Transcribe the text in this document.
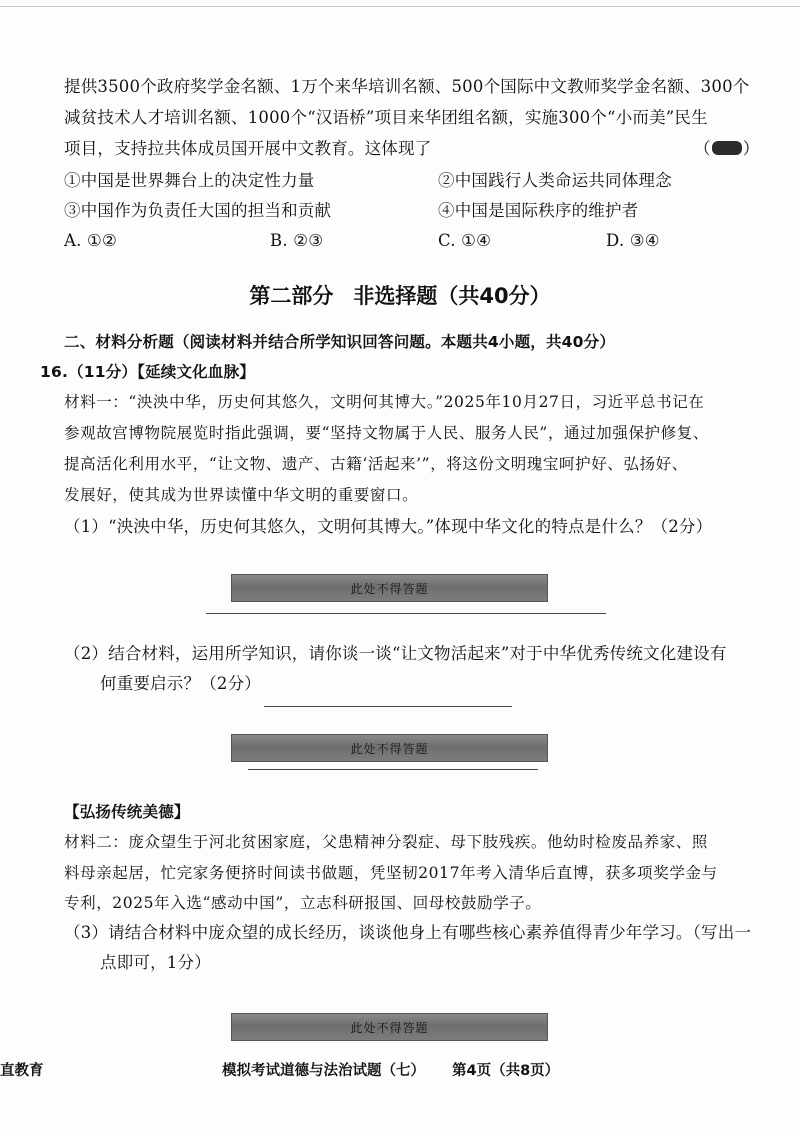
提供3500个政府奖学金名额、1万个来华培训名额、500个国际中文教师奖学金名额、300个
减贫技术人才培训名额、1000个“汉语桥”项目来华团组名额，实施300个“小而美”民生
项目，支持拉共体成员国开展中文教育。这体现了	（ ）
①中国是世界舞台上的决定性力量	②中国践行人类命运共同体理念
③中国作为负责任大国的担当和贡献	④中国是国际秩序的维护者
A. ①②	B. ②③	C. ①④	D. ③④
第二部分 非选择题（共40分）
二、材料分析题（阅读材料并结合所学知识回答问题。本题共4小题，共40分）
16.（11分）【延续文化血脉】
材料一：“泱泱中华，历史何其悠久，文明何其博大。”2025年10月27日，习近平总书记在
参观故宫博物院展览时指此强调，要“坚持文物属于人民、服务人民”，通过加强保护修复、
提高活化利用水平，“让文物、遗产、古籍‘活起来’”，将这份文明瑰宝呵护好、弘扬好、
发展好，使其成为世界读懂中华文明的重要窗口。
（1）“泱泱中华，历史何其悠久，文明何其博大。”体现中华文化的特点是什么？（2分）
此处不得答题
（2）结合材料，运用所学知识，请你谈一谈“让文物活起来”对于中华优秀传统文化建设有
何重要启示？（2分）
此处不得答题
【弘扬传统美德】
材料二：庞众望生于河北贫困家庭，父患精神分裂症、母下肢残疾。他幼时检废品养家、照
料母亲起居，忙完家务便挤时间读书做题，凭坚韧2017年考入清华后直博，获多项奖学金与
专利，2025年入选“感动中国”，立志科研报国、回母校鼓励学子。
（3）请结合材料中庞众望的成长经历，谈谈他身上有哪些核心素养值得青少年学习。（写出一
点即可，1分）
此处不得答题
直教育	模拟考试道德与法治试题（七） 第4页（共8页）
